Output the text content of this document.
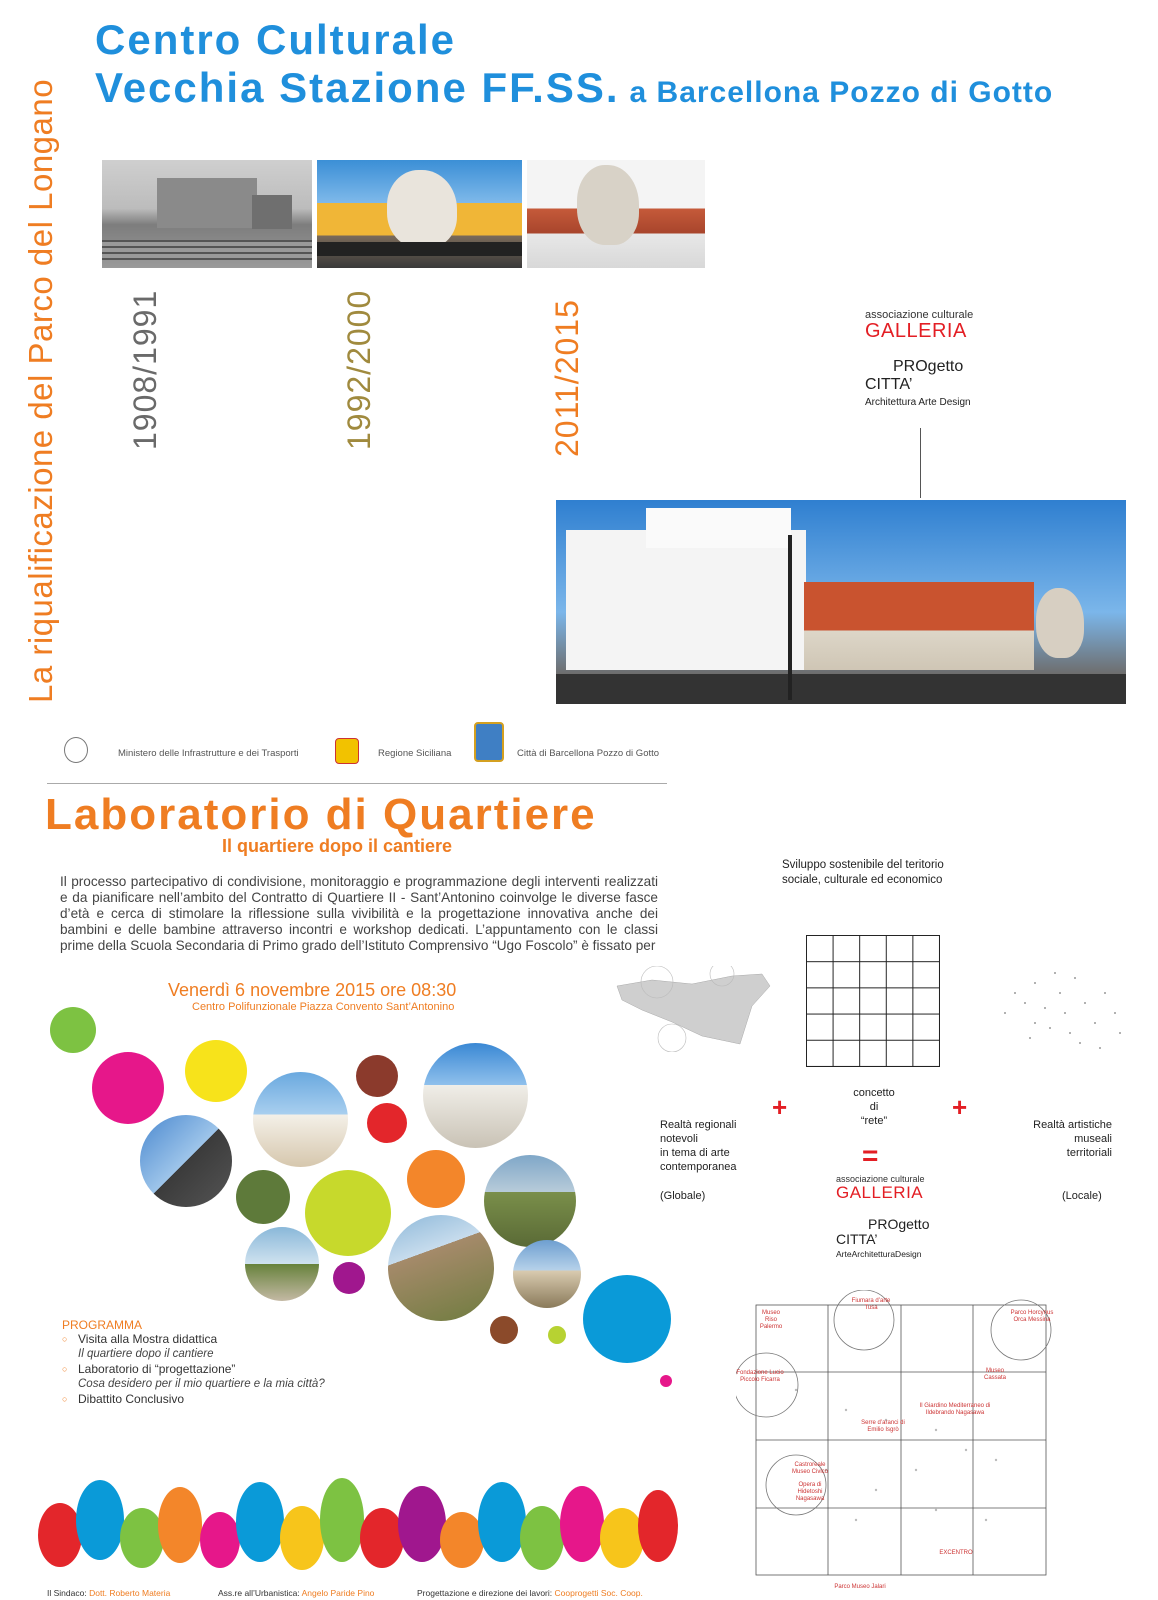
La riqualificazione del Parco del Longano
Centro Culturale
Vecchia Stazione FF.SS. a Barcellona Pozzo di Gotto
1908/1991	1992/2000	2011/2015	associazione culturale
GALLERIA
PROgetto
CITTA’
Architettura Arte Design
Ministero delle Infrastrutture e dei Trasporti	Regione Siciliana	Città di Barcellona Pozzo di Gotto
Laboratorio di Quartiere
Il quartiere dopo il cantiere
Il processo partecipativo di condivisione, monitoraggio e programmazione degli interventi realizzati e da pianificare nell’ambito del Contratto di Quartiere II - Sant’Antonino coinvolge le diverse fasce d’età e cerca di stimolare la riflessione sulla vivibilità e la progettazione innovativa anche dei bambini e delle bambine attraverso incontri e workshop dedicati. L’appuntamento con le classi prime della Scuola Secondaria di Primo grado dell’Istituto Comprensivo “Ugo Foscolo” è fissato per
Venerdì 6 novembre 2015 ore 08:30
Centro Polifunzionale Piazza Convento Sant’Antonino
PROGRAMMA
○ Visita alla Mostra didattica
Il quartiere dopo il cantiere
○ Laboratorio di “progettazione”
Cosa desidero per il mio quartiere e la mia città?
○ Dibattito Conclusivo
Il Sindaco: Dott. Roberto Materia	Ass.re all’Urbanistica: Angelo Paride Pino	Progettazione e direzione dei lavori: Cooprogetti Soc. Coop.
Sviluppo sostenibile del teritorio
sociale, culturale ed economico
concetto
di
“rete”
+	+
=
Realtà regionali
notevoli
in tema di arte
contemporanea
Realtà artistiche
museali
territoriali
(Globale)	(Locale)
associazione culturale
GALLERIA
PROgetto
CITTA’
ArteArchitetturaDesign
Museo Riso Palermo
Fiumara d’arte Tusa
Parco Horcynus Orca Messina
Fondazione Lucio Piccolo Ficarra
Museo Cassata
Il Giardino Mediterraneo di Ildebrando Nagasawa
Serre d’aranci di Emilio Isgrò
Castroreale Museo Civico
Opera di Hidetoshi Nagasawa
EXCENTRO
Parco Museo Jalari
